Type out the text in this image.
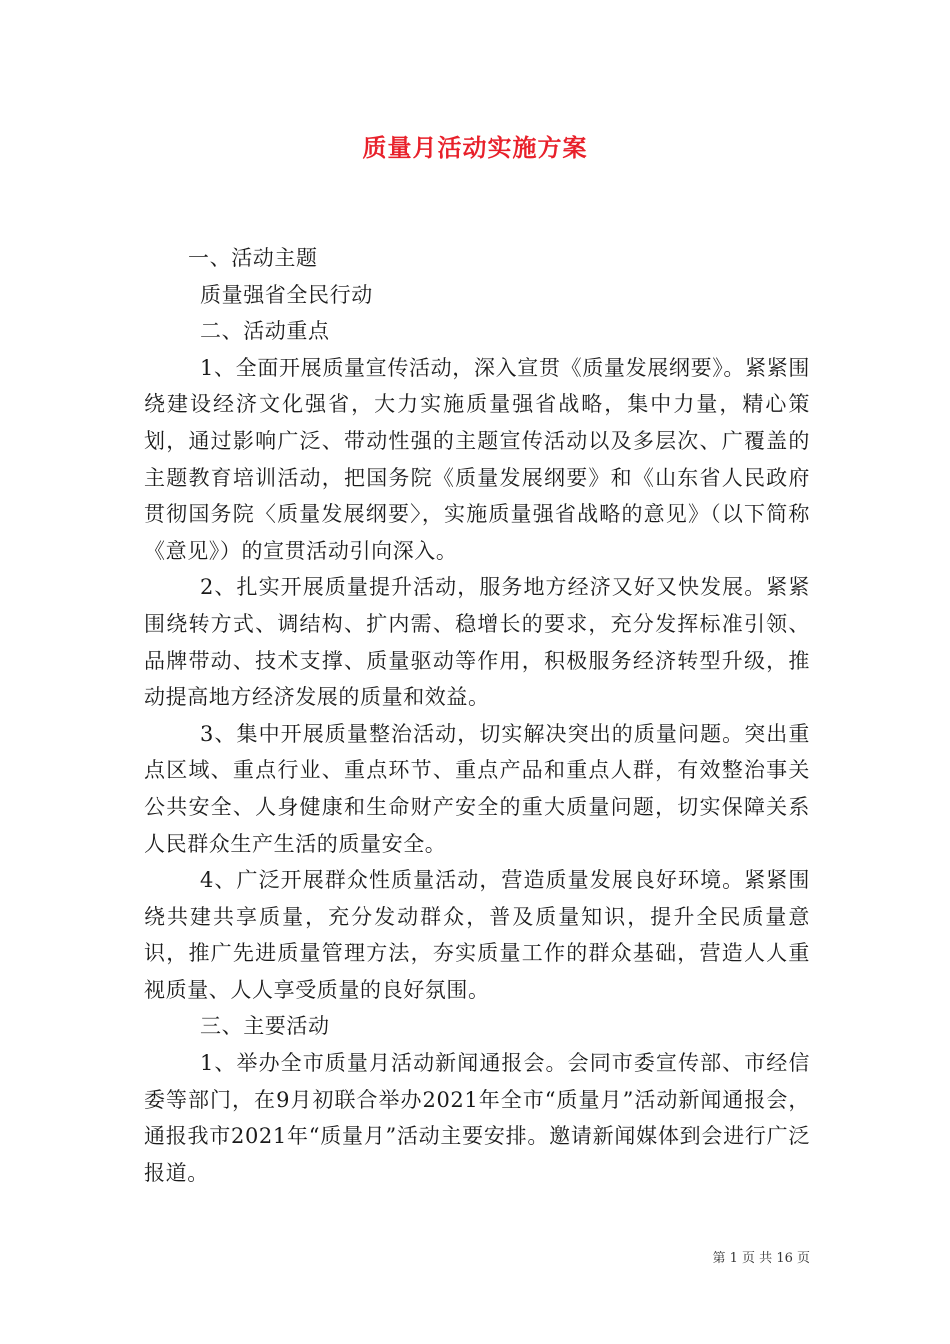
质量月活动实施方案

一、活动主题

质量强省全民行动

二、活动重点

1、全面开展质量宣传活动，深入宣贯《质量发展纲要》。紧紧围绕建设经济文化强省，大力实施质量强省战略，集中力量，精心策划，通过影响广泛、带动性强的主题宣传活动以及多层次、广覆盖的主题教育培训活动，把国务院《质量发展纲要》和《山东省人民政府贯彻国务院〈质量发展纲要〉，实施质量强省战略的意见》（以下简称《意见》）的宣贯活动引向深入。

2、扎实开展质量提升活动，服务地方经济又好又快发展。紧紧围绕转方式、调结构、扩内需、稳增长的要求，充分发挥标准引领、品牌带动、技术支撑、质量驱动等作用，积极服务经济转型升级，推动提高地方经济发展的质量和效益。

3、集中开展质量整治活动，切实解决突出的质量问题。突出重点区域、重点行业、重点环节、重点产品和重点人群，有效整治事关公共安全、人身健康和生命财产安全的重大质量问题，切实保障关系人民群众生产生活的质量安全。

4、广泛开展群众性质量活动，营造质量发展良好环境。紧紧围绕共建共享质量，充分发动群众，普及质量知识，提升全民质量意识，推广先进质量管理方法，夯实质量工作的群众基础，营造人人重视质量、人人享受质量的良好氛围。

三、主要活动

1、举办全市质量月活动新闻通报会。会同市委宣传部、市经信委等部门，在9月初联合举办2021年全市“质量月”活动新闻通报会，通报我市2021年“质量月”活动主要安排。邀请新闻媒体到会进行广泛报道。

第 1 页 共 16 页
